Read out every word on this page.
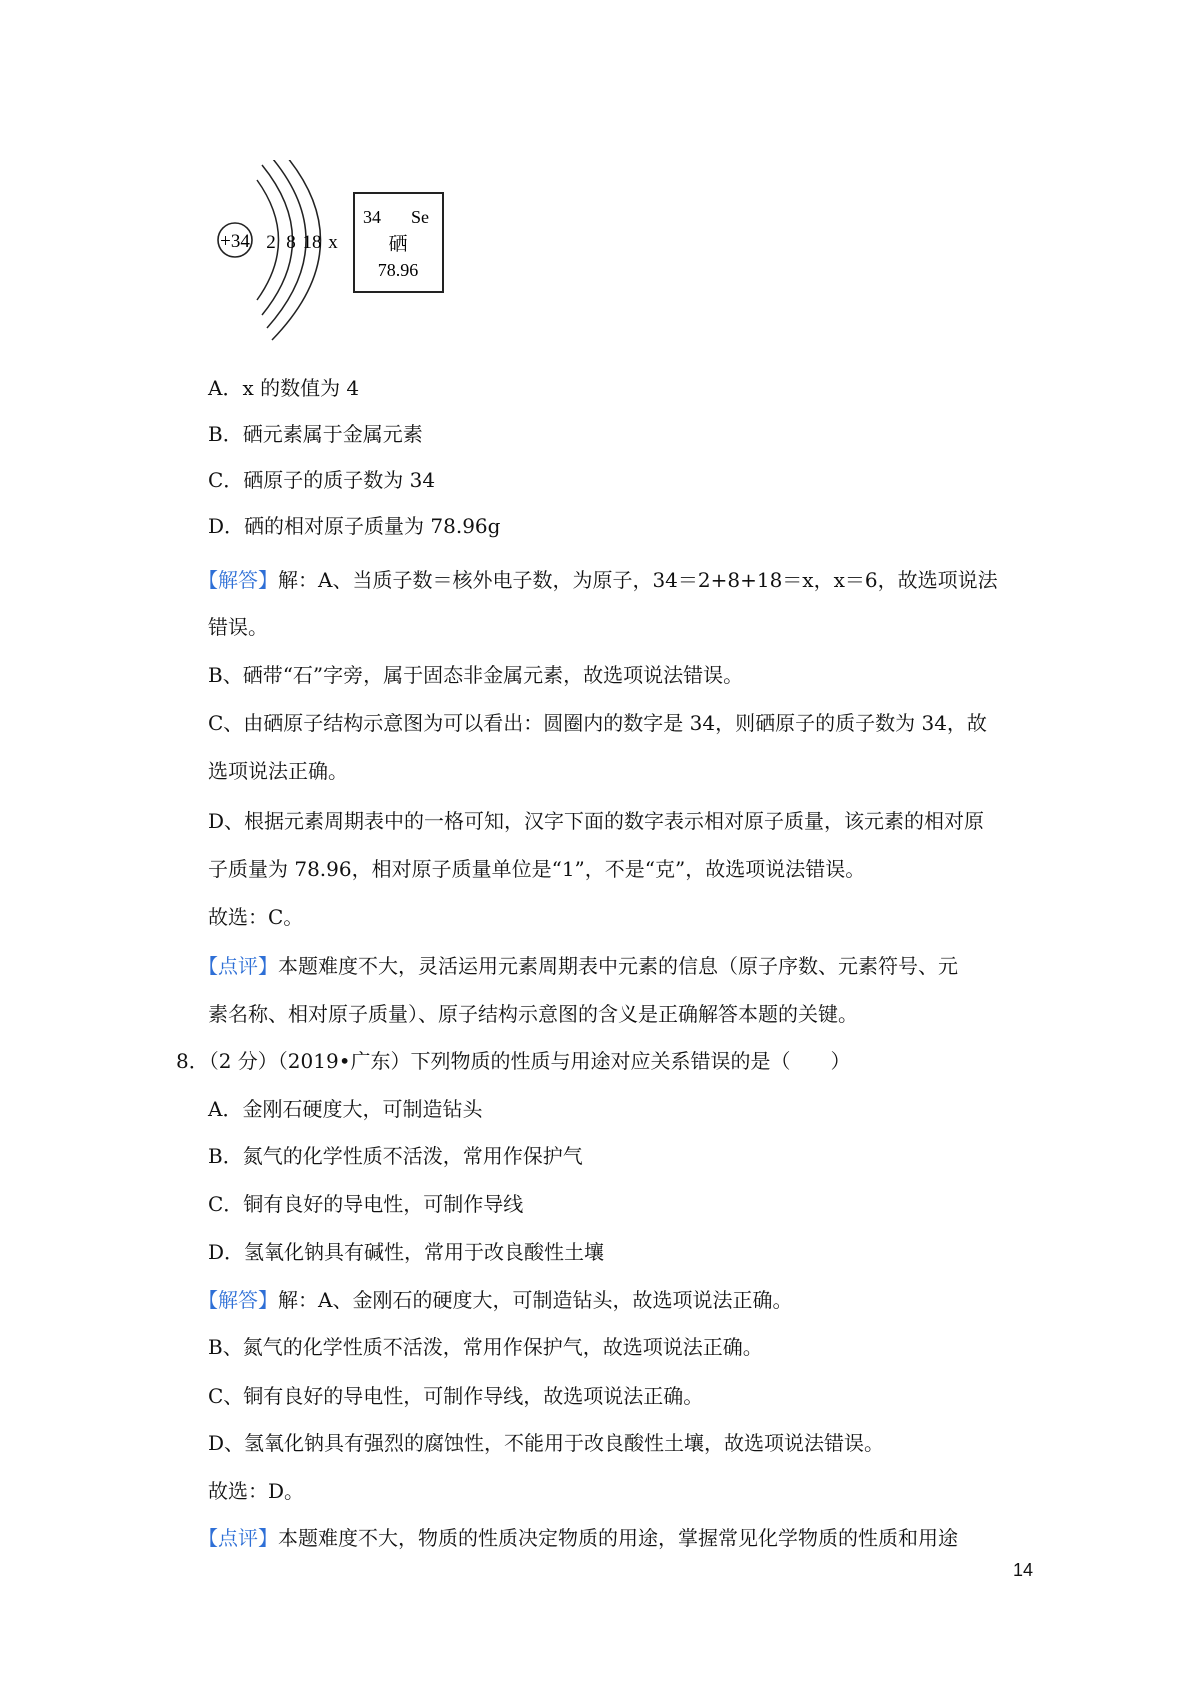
+34 2 8 18 x
34 Se
硒
78.96
A．x 的数值为 4
B．硒元素属于金属元素
C．硒原子的质子数为 34
D．硒的相对原子质量为 78.96g
【解答】解：A、当质子数＝核外电子数，为原子，34＝2+8+18＝x，x＝6，故选项说法
错误。
B、硒带“石”字旁，属于固态非金属元素，故选项说法错误。
C、由硒原子结构示意图为可以看出：圆圈内的数字是 34，则硒原子的质子数为 34，故
选项说法正确。
D、根据元素周期表中的一格可知，汉字下面的数字表示相对原子质量，该元素的相对原
子质量为 78.96，相对原子质量单位是“1”，不是“克”，故选项说法错误。
故选：C。
【点评】本题难度不大，灵活运用元素周期表中元素的信息（原子序数、元素符号、元
素名称、相对原子质量）、原子结构示意图的含义是正确解答本题的关键。
8．（2 分）（2019•广东）下列物质的性质与用途对应关系错误的是（　　）
A．金刚石硬度大，可制造钻头
B．氮气的化学性质不活泼，常用作保护气
C．铜有良好的导电性，可制作导线
D．氢氧化钠具有碱性，常用于改良酸性土壤
【解答】解：A、金刚石的硬度大，可制造钻头，故选项说法正确。
B、氮气的化学性质不活泼，常用作保护气，故选项说法正确。
C、铜有良好的导电性，可制作导线，故选项说法正确。
D、氢氧化钠具有强烈的腐蚀性，不能用于改良酸性土壤，故选项说法错误。
故选：D。
【点评】本题难度不大，物质的性质决定物质的用途，掌握常见化学物质的性质和用途
14
